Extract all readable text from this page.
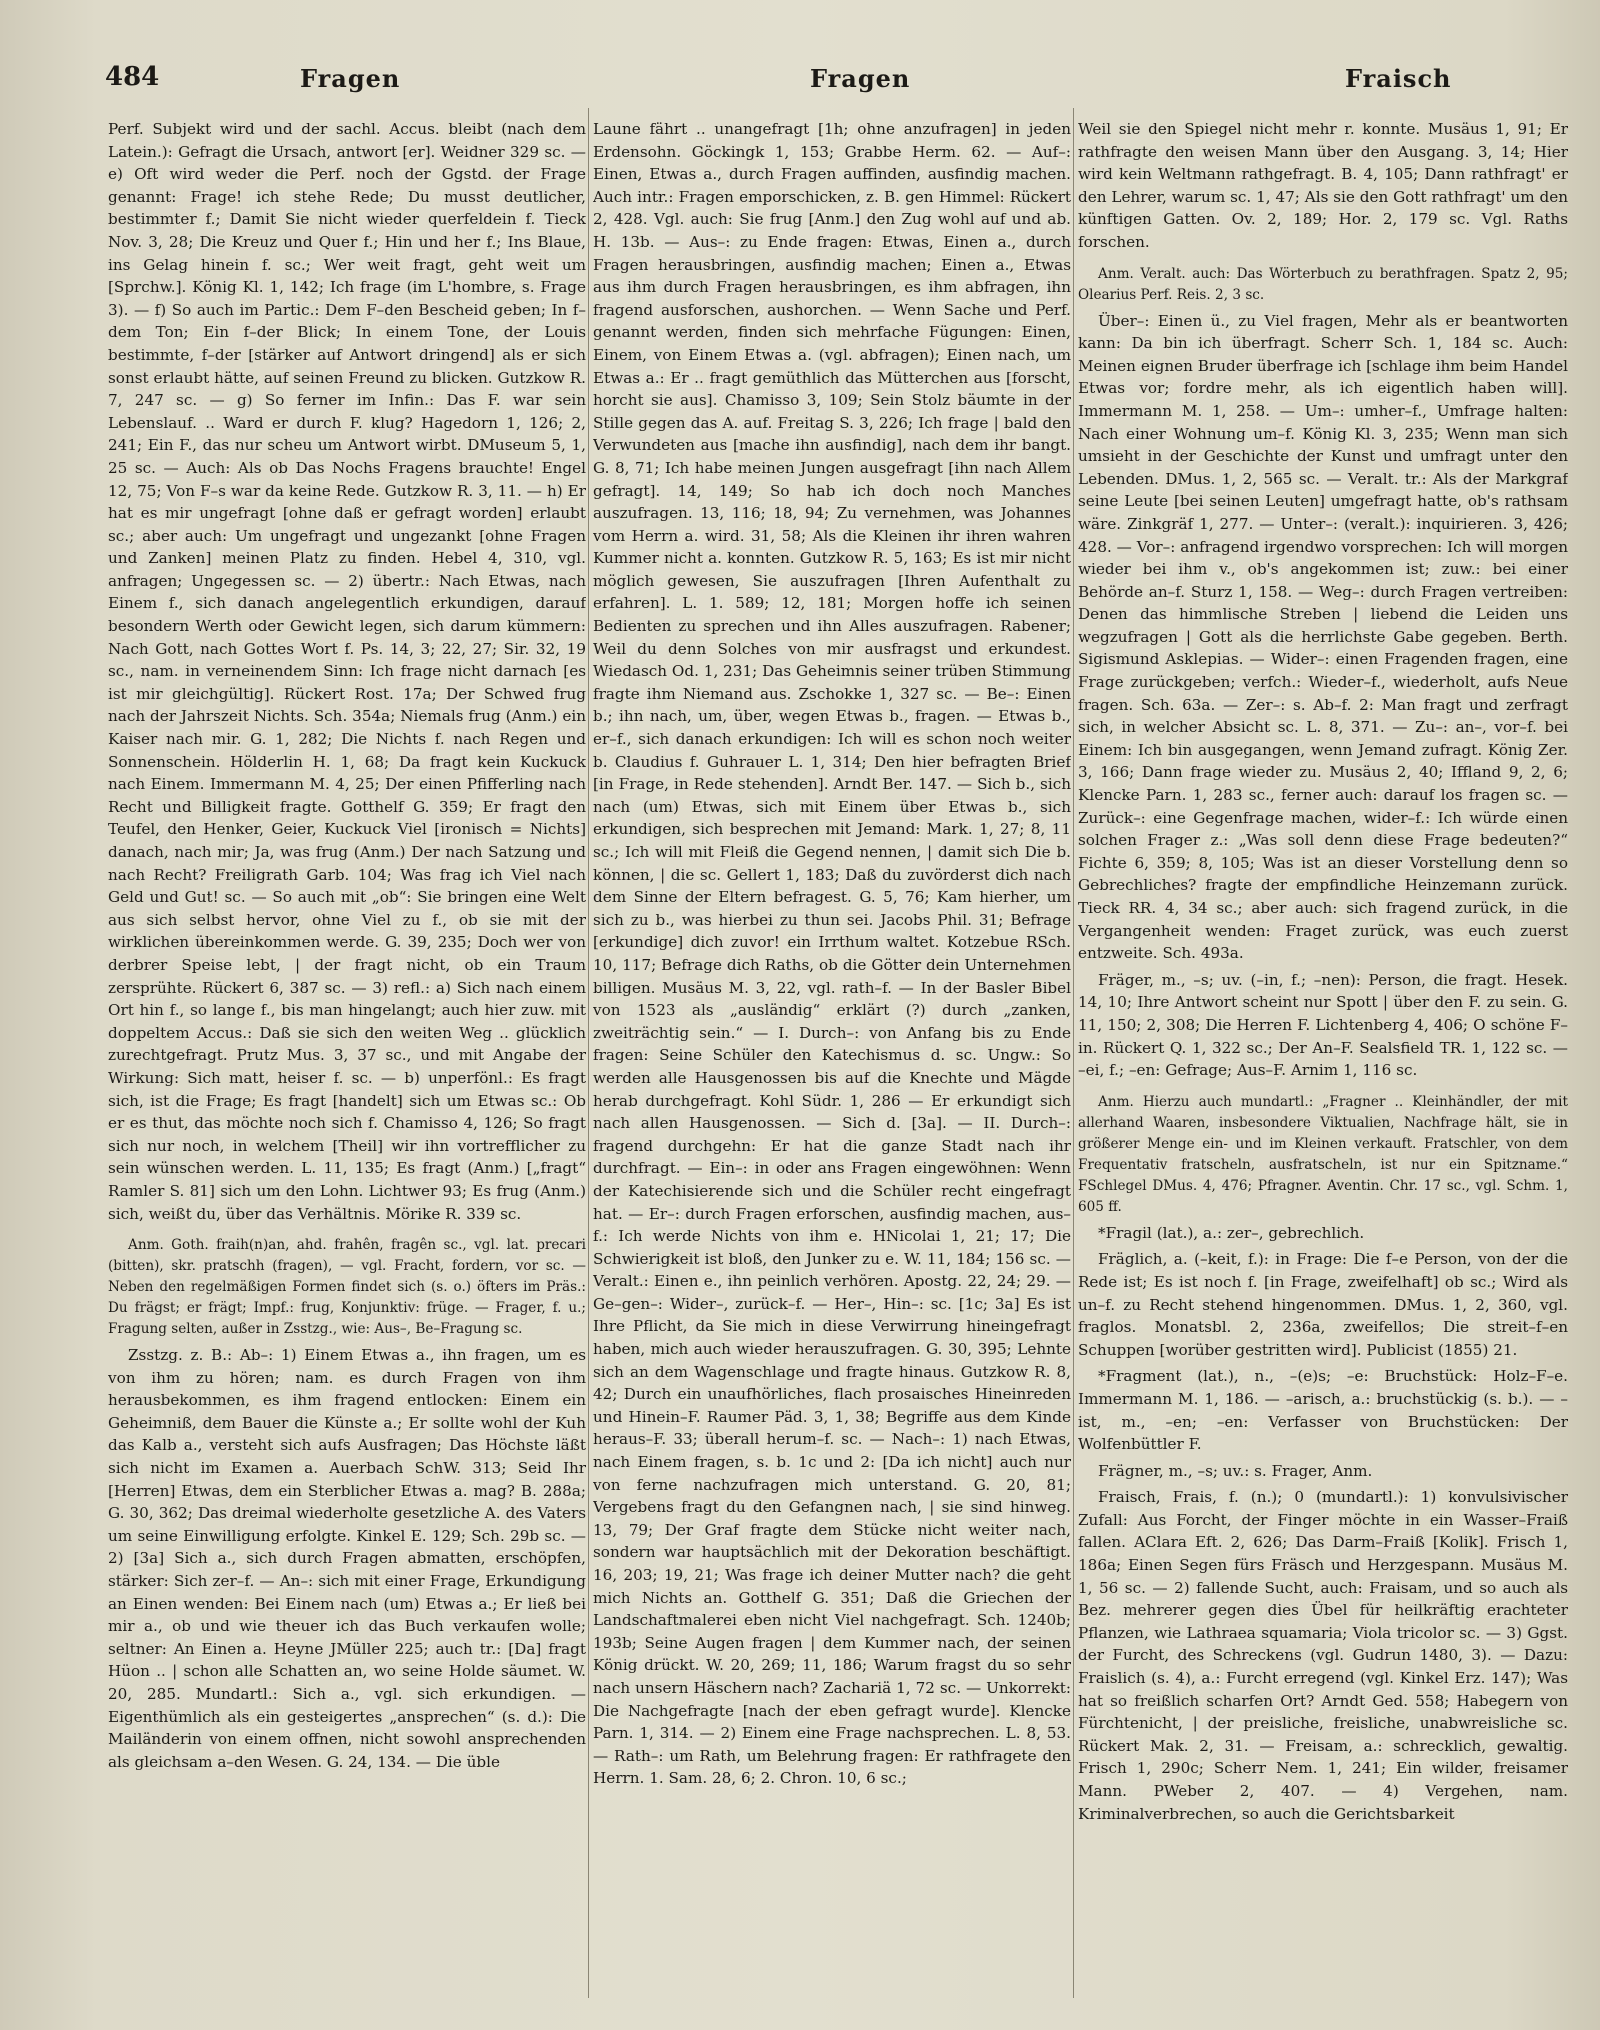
484	Fragen	Fragen	Fraisch

Perf. Subjekt wird und der sachl. Accus. bleibt (nach dem Latein.): Gefragt die Ursach, antwort [er]. Weidner 329 sc. — e) Oft wird weder die Perf. noch der Ggstd. der Frage genannt: Frage! ich stehe Rede; Du musst deutlicher, bestimmter f.; Damit Sie nicht wieder querfeldein f. Tieck Nov. 3, 28; Die Kreuz und Quer f.; Hin und her f.; Ins Blaue, ins Gelag hinein f. sc.; Wer weit fragt, geht weit um [Sprchw.]. König Kl. 1, 142; Ich frage (im L'hombre, s. Frage 3). — f) So auch im Partic.: Dem F–den Bescheid geben; In f–dem Ton; Ein f–der Blick; In einem Tone, der Louis bestimmte, f–der [stärker auf Antwort dringend] als er sich sonst erlaubt hätte, auf seinen Freund zu blicken. Gutzkow R. 7, 247 sc. — g) So ferner im Infin.: Das F. war sein Lebenslauf. .. Ward er durch F. klug? Hagedorn 1, 126; 2, 241; Ein F., das nur scheu um Antwort wirbt. DMuseum 5, 1, 25 sc. — Auch: Als ob Das Nochs Fragens brauchte! Engel 12, 75; Von F–s war da keine Rede. Gutzkow R. 3, 11. — h) Er hat es mir ungefragt [ohne daß er gefragt worden] erlaubt sc.; aber auch: Um ungefragt und ungezankt [ohne Fragen und Zanken] meinen Platz zu finden. Hebel 4, 310, vgl. anfragen; Ungegessen sc. — 2) übertr.: Nach Etwas, nach Einem f., sich danach angelegentlich erkundigen, darauf besondern Werth oder Gewicht legen, sich darum kümmern: Nach Gott, nach Gottes Wort f. Ps. 14, 3; 22, 27; Sir. 32, 19 sc., nam. in verneinendem Sinn: Ich frage nicht darnach [es ist mir gleichgültig]. Rückert Rost. 17a; Der Schwed frug nach der Jahrszeit Nichts. Sch. 354a; Niemals frug (Anm.) ein Kaiser nach mir. G. 1, 282; Die Nichts f. nach Regen und Sonnenschein. Hölderlin H. 1, 68; Da fragt kein Kuckuck nach Einem. Immermann M. 4, 25; Der einen Pfifferling nach Recht und Billigkeit fragte. Gotthelf G. 359; Er fragt den Teufel, den Henker, Geier, Kuckuck Viel [ironisch = Nichts] danach, nach mir; Ja, was frug (Anm.) Der nach Satzung und nach Recht? Freiligrath Garb. 104; Was frag ich Viel nach Geld und Gut! sc. — So auch mit „ob“: Sie bringen eine Welt aus sich selbst hervor, ohne Viel zu f., ob sie mit der wirklichen übereinkommen werde. G. 39, 235; Doch wer von derbrer Speise lebt, | der fragt nicht, ob ein Traum zersprühte. Rückert 6, 387 sc. — 3) refl.: a) Sich nach einem Ort hin f., so lange f., bis man hingelangt; auch hier zuw. mit doppeltem Accus.: Daß sie sich den weiten Weg .. glücklich zurechtgefragt. Prutz Mus. 3, 37 sc., und mit Angabe der Wirkung: Sich matt, heiser f. sc. — b) unperfönl.: Es fragt sich, ist die Frage; Es fragt [handelt] sich um Etwas sc.: Ob er es thut, das möchte noch sich f. Chamisso 4, 126; So fragt sich nur noch, in welchem [Theil] wir ihn vortrefflicher zu sein wünschen werden. L. 11, 135; Es fragt (Anm.) [„fragt“ Ramler S. 81] sich um den Lohn. Lichtwer 93; Es frug (Anm.) sich, weißt du, über das Verhältnis. Mörike R. 339 sc.

Anm. Goth. fraih(n)an, ahd. frahên, fragên sc., vgl. lat. precari (bitten), skr. pratschh (fragen), — vgl. Fracht, fordern, vor sc. — Neben den regelmäßigen Formen findet sich (s. o.) öfters im Präs.: Du frägst; er frägt; Impf.: frug, Konjunktiv: früge. — Frager, f. u.; Fragung selten, außer in Zsstzg., wie: Aus–, Be–Fragung sc.

Zsstzg. z. B.: Ab–: 1) Einem Etwas a., ihn fragen, um es von ihm zu hören; nam. es durch Fragen von ihm herausbekommen, es ihm fragend entlocken: Einem ein Geheimniß, dem Bauer die Künste a.; Er sollte wohl der Kuh das Kalb a., versteht sich aufs Ausfragen; Das Höchste läßt sich nicht im Examen a. Auerbach SchW. 313; Seid Ihr [Herren] Etwas, dem ein Sterblicher Etwas a. mag? B. 288a; G. 30, 362; Das dreimal wiederholte gesetzliche A. des Vaters um seine Einwilligung erfolgte. Kinkel E. 129; Sch. 29b sc. — 2) [3a] Sich a., sich durch Fragen abmatten, erschöpfen, stärker: Sich zer–f. — An–: sich mit einer Frage, Erkundigung an Einen wenden: Bei Einem nach (um) Etwas a.; Er ließ bei mir a., ob und wie theuer ich das Buch verkaufen wolle; seltner: An Einen a. Heyne JMüller 225; auch tr.: [Da] fragt Hüon .. | schon alle Schatten an, wo seine Holde säumet. W. 20, 285. Mundartl.: Sich a., vgl. sich erkundigen. — Eigenthümlich als ein gesteigertes „ansprechen“ (s. d.): Die Mailänderin von einem offnen, nicht sowohl ansprechenden als gleichsam a–den Wesen. G. 24, 134. — Die üble

Laune fährt .. unangefragt [1h; ohne anzufragen] in jeden Erdensohn. Göckingk 1, 153; Grabbe Herm. 62. — Auf–: Einen, Etwas a., durch Fragen auffinden, ausfindig machen. Auch intr.: Fragen emporschicken, z. B. gen Himmel: Rückert 2, 428. Vgl. auch: Sie frug [Anm.] den Zug wohl auf und ab. H. 13b. — Aus–: zu Ende fragen: Etwas, Einen a., durch Fragen herausbringen, ausfindig machen; Einen a., Etwas aus ihm durch Fragen herausbringen, es ihm abfragen, ihn fragend ausforschen, aushorchen. — Wenn Sache und Perf. genannt werden, finden sich mehrfache Fügungen: Einen, Einem, von Einem Etwas a. (vgl. abfragen); Einen nach, um Etwas a.: Er .. fragt gemüthlich das Mütterchen aus [forscht, horcht sie aus]. Chamisso 3, 109; Sein Stolz bäumte in der Stille gegen das A. auf. Freitag S. 3, 226; Ich frage | bald den Verwundeten aus [mache ihn ausfindig], nach dem ihr bangt. G. 8, 71; Ich habe meinen Jungen ausgefragt [ihn nach Allem gefragt]. 14, 149; So hab ich doch noch Manches auszufragen. 13, 116; 18, 94; Zu vernehmen, was Johannes vom Herrn a. wird. 31, 58; Als die Kleinen ihr ihren wahren Kummer nicht a. konnten. Gutzkow R. 5, 163; Es ist mir nicht möglich gewesen, Sie auszufragen [Ihren Aufenthalt zu erfahren]. L. 1. 589; 12, 181; Morgen hoffe ich seinen Bedienten zu sprechen und ihn Alles auszufragen. Rabener; Weil du denn Solches von mir ausfragst und erkundest. Wiedasch Od. 1, 231; Das Geheimnis seiner trüben Stimmung fragte ihm Niemand aus. Zschokke 1, 327 sc. — Be–: Einen b.; ihn nach, um, über, wegen Etwas b., fragen. — Etwas b., er–f., sich danach erkundigen: Ich will es schon noch weiter b. Claudius f. Guhrauer L. 1, 314; Den hier befragten Brief [in Frage, in Rede stehenden]. Arndt Ber. 147. — Sich b., sich nach (um) Etwas, sich mit Einem über Etwas b., sich erkundigen, sich besprechen mit Jemand: Mark. 1, 27; 8, 11 sc.; Ich will mit Fleiß die Gegend nennen, | damit sich Die b. können, | die sc. Gellert 1, 183; Daß du zuvörderst dich nach dem Sinne der Eltern befragest. G. 5, 76; Kam hierher, um sich zu b., was hierbei zu thun sei. Jacobs Phil. 31; Befrage [erkundige] dich zuvor! ein Irrthum waltet. Kotzebue RSch. 10, 117; Befrage dich Raths, ob die Götter dein Unternehmen billigen. Musäus M. 3, 22, vgl. rath–f. — In der Basler Bibel von 1523 als „ausländig“ erklärt (?) durch „zanken, zweiträchtig sein.“ — I. Durch–: von Anfang bis zu Ende fragen: Seine Schüler den Katechismus d. sc. Ungw.: So werden alle Hausgenossen bis auf die Knechte und Mägde herab durchgefragt. Kohl Südr. 1, 286 — Er erkundigt sich nach allen Hausgenossen. — Sich d. [3a]. — II. Durch–: fragend durchgehn: Er hat die ganze Stadt nach ihr durchfragt. — Ein–: in oder ans Fragen eingewöhnen: Wenn der Katechisierende sich und die Schüler recht eingefragt hat. — Er–: durch Fragen erforschen, ausfindig machen, aus–f.: Ich werde Nichts von ihm e. HNicolai 1, 21; 17; Die Schwierigkeit ist bloß, den Junker zu e. W. 11, 184; 156 sc. — Veralt.: Einen e., ihn peinlich verhören. Apostg. 22, 24; 29. — Ge–gen–: Wider–, zurück–f. — Her–, Hin–: sc. [1c; 3a] Es ist Ihre Pflicht, da Sie mich in diese Verwirrung hineingefragt haben, mich auch wieder herauszufragen. G. 30, 395; Lehnte sich an dem Wagenschlage und fragte hinaus. Gutzkow R. 8, 42; Durch ein unaufhörliches, flach prosaisches Hineinreden und Hinein–F. Raumer Päd. 3, 1, 38; Begriffe aus dem Kinde heraus–F. 33; überall herum–f. sc. — Nach–: 1) nach Etwas, nach Einem fragen, s. b. 1c und 2: [Da ich nicht] auch nur von ferne nachzufragen mich unterstand. G. 20, 81; Vergebens fragt du den Gefangnen nach, | sie sind hinweg. 13, 79; Der Graf fragte dem Stücke nicht weiter nach, sondern war hauptsächlich mit der Dekoration beschäftigt. 16, 203; 19, 21; Was frage ich deiner Mutter nach? die geht mich Nichts an. Gotthelf G. 351; Daß die Griechen der Landschaftmalerei eben nicht Viel nachgefragt. Sch. 1240b; 193b; Seine Augen fragen | dem Kummer nach, der seinen König drückt. W. 20, 269; 11, 186; Warum fragst du so sehr nach unsern Häschern nach? Zachariä 1, 72 sc. — Unkorrekt: Die Nachgefragte [nach der eben gefragt wurde]. Klencke Parn. 1, 314. — 2) Einem eine Frage nachsprechen. L. 8, 53. — Rath–: um Rath, um Belehrung fragen: Er rathfragete den Herrn. 1. Sam. 28, 6; 2. Chron. 10, 6 sc.;

Weil sie den Spiegel nicht mehr r. konnte. Musäus 1, 91; Er rathfragte den weisen Mann über den Ausgang. 3, 14; Hier wird kein Weltmann rathgefragt. B. 4, 105; Dann rathfragt' er den Lehrer, warum sc. 1, 47; Als sie den Gott rathfragt' um den künftigen Gatten. Ov. 2, 189; Hor. 2, 179 sc. Vgl. Raths forschen.

Anm. Veralt. auch: Das Wörterbuch zu berathfragen. Spatz 2, 95; Olearius Perf. Reis. 2, 3 sc.

Über–: Einen ü., zu Viel fragen, Mehr als er beantworten kann: Da bin ich überfragt. Scherr Sch. 1, 184 sc. Auch: Meinen eignen Bruder überfrage ich [schlage ihm beim Handel Etwas vor; fordre mehr, als ich eigentlich haben will]. Immermann M. 1, 258. — Um–: umher–f., Umfrage halten: Nach einer Wohnung um–f. König Kl. 3, 235; Wenn man sich umsieht in der Geschichte der Kunst und umfragt unter den Lebenden. DMus. 1, 2, 565 sc. — Veralt. tr.: Als der Markgraf seine Leute [bei seinen Leuten] umgefragt hatte, ob's rathsam wäre. Zinkgräf 1, 277. — Unter–: (veralt.): inquirieren. 3, 426; 428. — Vor–: anfragend irgendwo vorsprechen: Ich will morgen wieder bei ihm v., ob's angekommen ist; zuw.: bei einer Behörde an–f. Sturz 1, 158. — Weg–: durch Fragen vertreiben: Denen das himmlische Streben | liebend die Leiden uns wegzufragen | Gott als die herrlichste Gabe gegeben. Berth. Sigismund Asklepias. — Wider–: einen Fragenden fragen, eine Frage zurückgeben; verfch.: Wieder–f., wiederholt, aufs Neue fragen. Sch. 63a. — Zer–: s. Ab–f. 2: Man fragt und zerfragt sich, in welcher Absicht sc. L. 8, 371. — Zu–: an–, vor–f. bei Einem: Ich bin ausgegangen, wenn Jemand zufragt. König Zer. 3, 166; Dann frage wieder zu. Musäus 2, 40; Iffland 9, 2, 6; Klencke Parn. 1, 283 sc., ferner auch: darauf los fragen sc. — Zurück–: eine Gegenfrage machen, wider–f.: Ich würde einen solchen Frager z.: „Was soll denn diese Frage bedeuten?“ Fichte 6, 359; 8, 105; Was ist an dieser Vorstellung denn so Gebrechliches? fragte der empfindliche Heinzemann zurück. Tieck RR. 4, 34 sc.; aber auch: sich fragend zurück, in die Vergangenheit wenden: Fraget zurück, was euch zuerst entzweite. Sch. 493a.

Fräger, m., –s; uv. (–in, f.; –nen): Person, die fragt. Hesek. 14, 10; Ihre Antwort scheint nur Spott | über den F. zu sein. G. 11, 150; 2, 308; Die Herren F. Lichtenberg 4, 406; O schöne F–in. Rückert Q. 1, 322 sc.; Der An–F. Sealsfield TR. 1, 122 sc. — –ei, f.; –en: Gefrage; Aus–F. Arnim 1, 116 sc.

Anm. Hierzu auch mundartl.: „Fragner .. Kleinhändler, der mit allerhand Waaren, insbesondere Viktualien, Nachfrage hält, sie in größerer Menge ein- und im Kleinen verkauft. Fratschler, von dem Frequentativ fratscheln, ausfratscheln, ist nur ein Spitzname.“ FSchlegel DMus. 4, 476; Pfragner. Aventin. Chr. 17 sc., vgl. Schm. 1, 605 ff.

*Fragil (lat.), a.: zer–, gebrechlich.

Fräglich, a. (–keit, f.): in Frage: Die f–e Person, von der die Rede ist; Es ist noch f. [in Frage, zweifelhaft] ob sc.; Wird als un–f. zu Recht stehend hingenommen. DMus. 1, 2, 360, vgl. fraglos. Monatsbl. 2, 236a, zweifellos; Die streit–f–en Schuppen [worüber gestritten wird]. Publicist (1855) 21.

*Fragment (lat.), n., –(e)s; –e: Bruchstück: Holz–F–e. Immermann M. 1, 186. — –arisch, a.: bruchstückig (s. b.). — –ist, m., –en; –en: Verfasser von Bruchstücken: Der Wolfenbüttler F.

Frägner, m., –s; uv.: s. Frager, Anm.

Fraisch, Frais, f. (n.); 0 (mundartl.): 1) konvulsivischer Zufall: Aus Forcht, der Finger möchte in ein Wasser–Fraiß fallen. AClara Eft. 2, 626; Das Darm–Fraiß [Kolik]. Frisch 1, 186a; Einen Segen fürs Fräsch und Herzgespann. Musäus M. 1, 56 sc. — 2) fallende Sucht, auch: Fraisam, und so auch als Bez. mehrerer gegen dies Übel für heilkräftig erachteter Pflanzen, wie Lathraea squamaria; Viola tricolor sc. — 3) Ggst. der Furcht, des Schreckens (vgl. Gudrun 1480, 3). — Dazu: Fraislich (s. 4), a.: Furcht erregend (vgl. Kinkel Erz. 147); Was hat so freißlich scharfen Ort? Arndt Ged. 558; Habegern von Fürchtenicht, | der preisliche, freisliche, unabwreisliche sc. Rückert Mak. 2, 31. — Freisam, a.: schrecklich, gewaltig. Frisch 1, 290c; Scherr Nem. 1, 241; Ein wilder, freisamer Mann. PWeber 2, 407. — 4) Vergehen, nam. Kriminalverbrechen, so auch die Gerichtsbarkeit
